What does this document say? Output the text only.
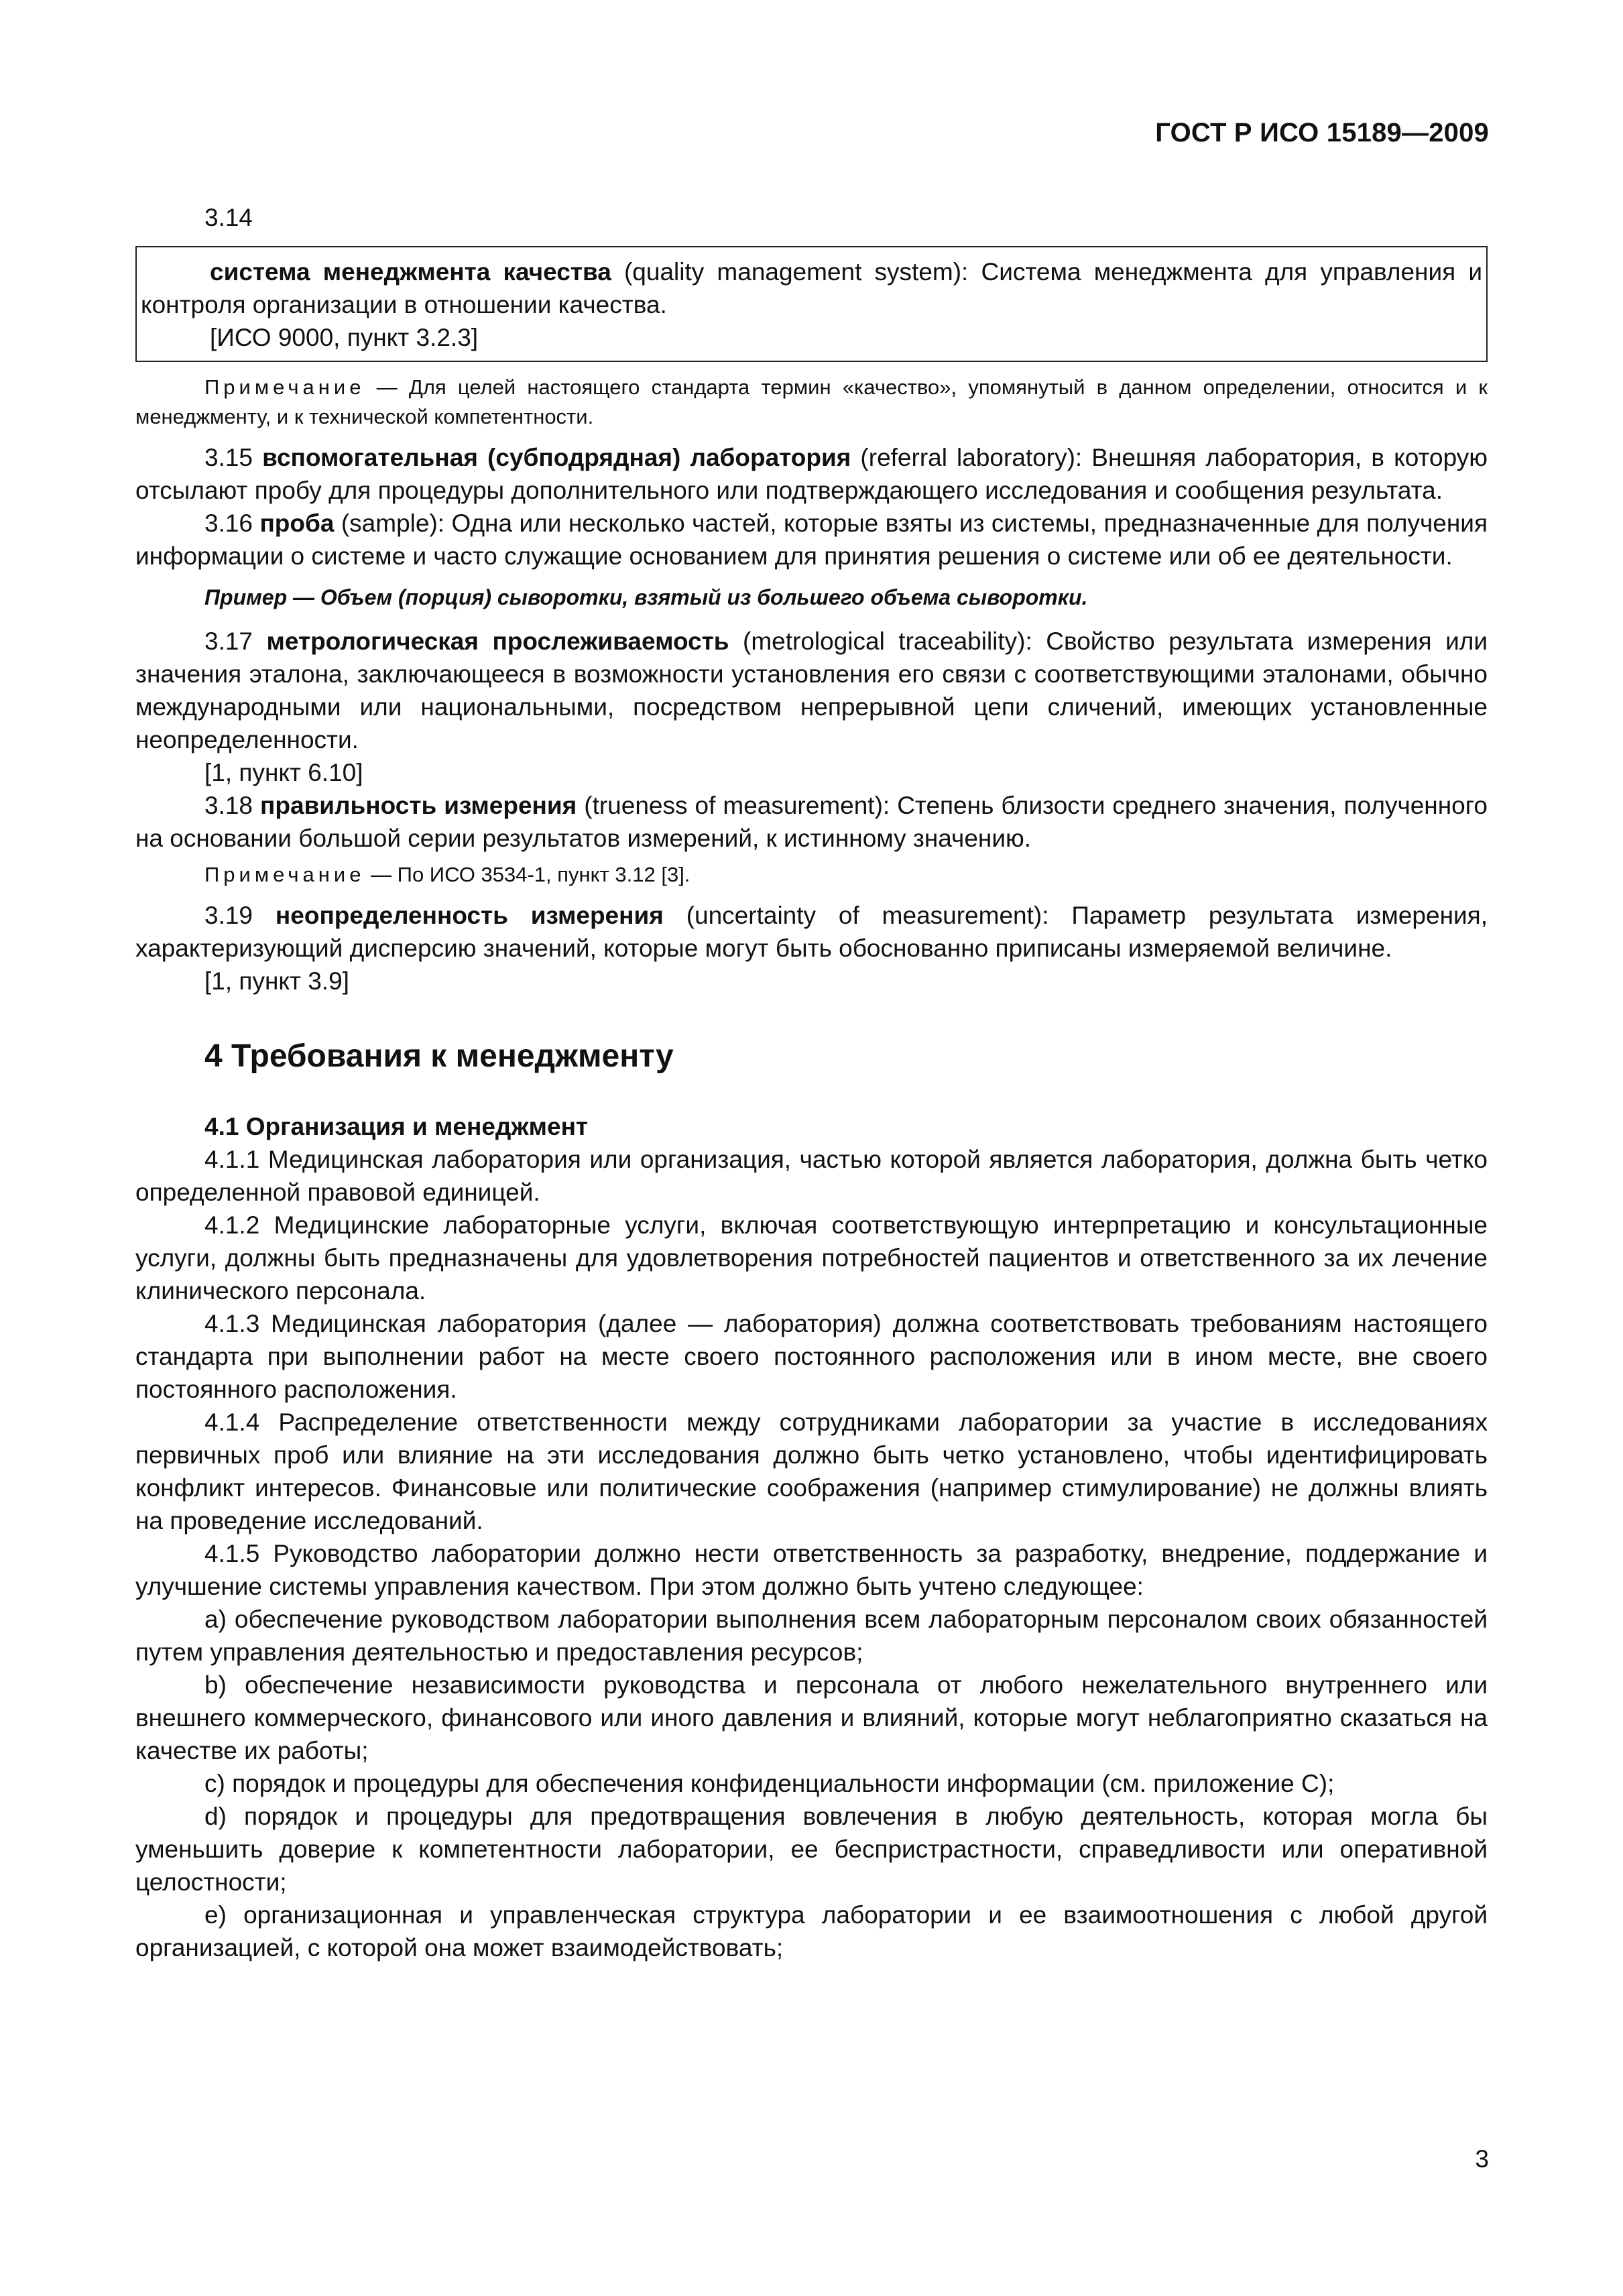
ГОСТ Р ИСО 15189—2009

3.14

система менеджмента качества (quality management system): Система менеджмента для управления и контроля организации в отношении качества.

[ИСО 9000, пункт 3.2.3]

Примечание — Для целей настоящего стандарта термин «качество», упомянутый в данном определении, относится и к менеджменту, и к технической компетентности.

3.15 вспомогательная (субподрядная) лаборатория (referral laboratory): Внешняя лаборатория, в которую отсылают пробу для процедуры дополнительного или подтверждающего исследования и сообщения результата.

3.16 проба (sample): Одна или несколько частей, которые взяты из системы, предназначенные для получения информации о системе и часто служащие основанием для принятия решения о системе или об ее деятельности.

Пример — Объем (порция) сыворотки, взятый из большего объема сыворотки.

3.17 метрологическая прослеживаемость (metrological traceability): Свойство результата измерения или значения эталона, заключающееся в возможности установления его связи с соответствующими эталонами, обычно международными или национальными, посредством непрерывной цепи сличений, имеющих установленные неопределенности.

[1, пункт 6.10]

3.18 правильность измерения (trueness of measurement): Степень близости среднего значения, полученного на основании большой серии результатов измерений, к истинному значению.

Примечание — По ИСО 3534-1, пункт 3.12 [3].

3.19 неопределенность измерения (uncertainty of measurement): Параметр результата измерения, характеризующий дисперсию значений, которые могут быть обоснованно приписаны измеряемой величине.

[1, пункт 3.9]

4 Требования к менеджменту
4.1 Организация и менеджмент

4.1.1 Медицинская лаборатория или организация, частью которой является лаборатория, должна быть четко определенной правовой единицей.

4.1.2 Медицинские лабораторные услуги, включая соответствующую интерпретацию и консультационные услуги, должны быть предназначены для удовлетворения потребностей пациентов и ответственного за их лечение клинического персонала.

4.1.3 Медицинская лаборатория (далее — лаборатория) должна соответствовать требованиям настоящего стандарта при выполнении работ на месте своего постоянного расположения или в ином месте, вне своего постоянного расположения.

4.1.4 Распределение ответственности между сотрудниками лаборатории за участие в исследованиях первичных проб или влияние на эти исследования должно быть четко установлено, чтобы идентифицировать конфликт интересов. Финансовые или политические соображения (например стимулирование) не должны влиять на проведение исследований.

4.1.5 Руководство лаборатории должно нести ответственность за разработку, внедрение, поддержание и улучшение системы управления качеством. При этом должно быть учтено следующее:

a) обеспечение руководством лаборатории выполнения всем лабораторным персоналом своих обязанностей путем управления деятельностью и предоставления ресурсов;

b) обеспечение независимости руководства и персонала от любого нежелательного внутреннего или внешнего коммерческого, финансового или иного давления и влияний, которые могут неблагоприятно сказаться на качестве их работы;

c) порядок и процедуры для обеспечения конфиденциальности информации (см. приложение C);

d) порядок и процедуры для предотвращения вовлечения в любую деятельность, которая могла бы уменьшить доверие к компетентности лаборатории, ее беспристрастности, справедливости или оперативной целостности;

e) организационная и управленческая структура лаборатории и ее взаимоотношения с любой другой организацией, с которой она может взаимодействовать;

3
